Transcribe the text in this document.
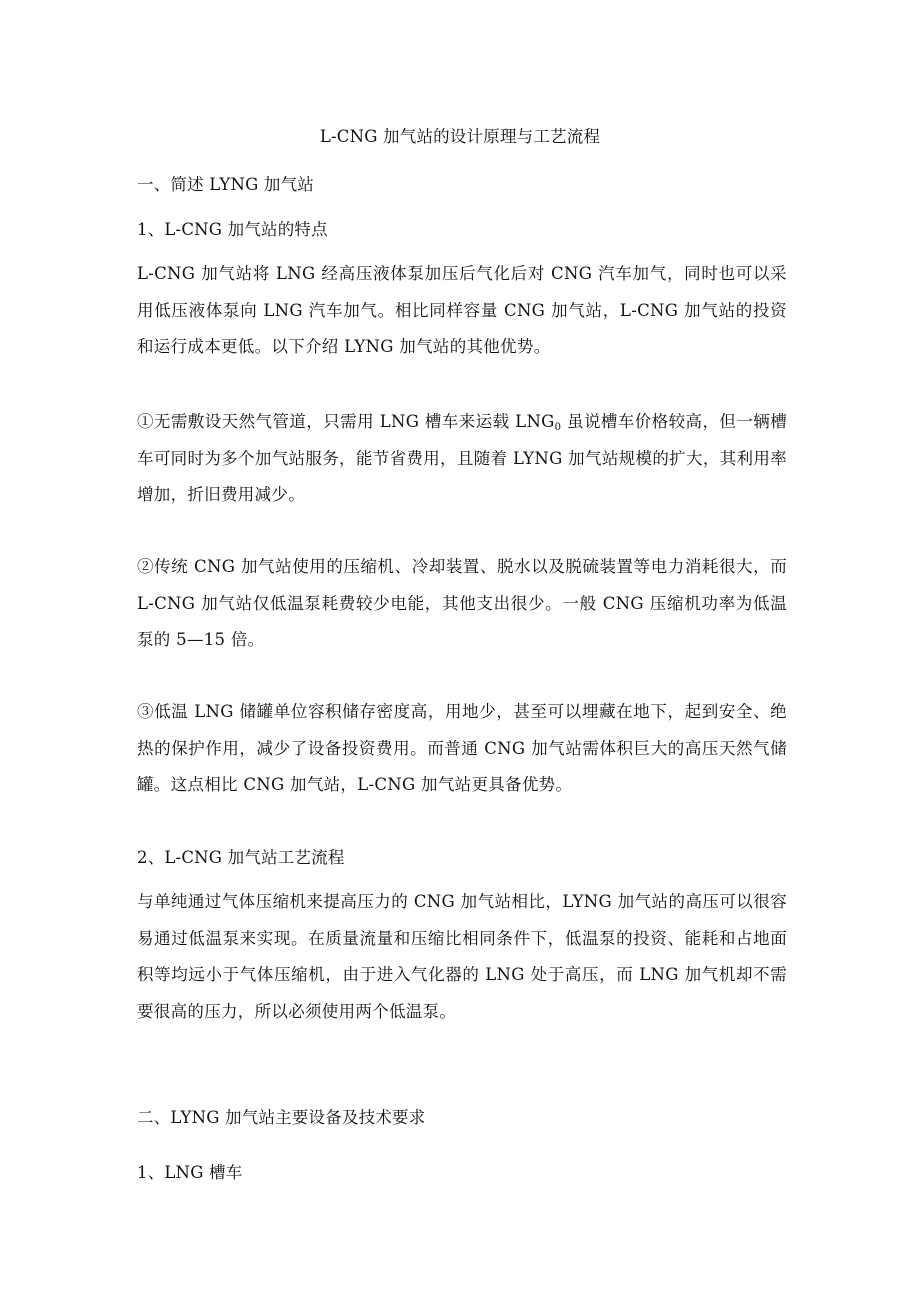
L-CNG 加气站的设计原理与工艺流程
一、简述 LYNG 加气站
1、L-CNG 加气站的特点

L-CNG 加气站将 LNG 经高压液体泵加压后气化后对 CNG 汽车加气，同时也可以采用低压液体泵向 LNG 汽车加气。相比同样容量 CNG 加气站，L-CNG 加气站的投资和运行成本更低。以下介绍 LYNG 加气站的其他优势。

①无需敷设天然气管道，只需用 LNG 槽车来运载 $LNG_0$ 虽说槽车价格较高，但一辆槽车可同时为多个加气站服务，能节省费用，且随着 LYNG 加气站规模的扩大，其利用率增加，折旧费用减少。

②传统 CNG 加气站使用的压缩机、冷却装置、脱水以及脱硫装置等电力消耗很大，而 L-CNG 加气站仅低温泵耗费较少电能，其他支出很少。一般 CNG 压缩机功率为低温泵的 5—15 倍。

③低温 LNG 储罐单位容积储存密度高，用地少，甚至可以埋藏在地下，起到安全、绝热的保护作用，减少了设备投资费用。而普通 CNG 加气站需体积巨大的高压天然气储罐。这点相比 CNG 加气站，L-CNG 加气站更具备优势。

2、L-CNG 加气站工艺流程

与单纯通过气体压缩机来提高压力的 CNG 加气站相比，LYNG 加气站的高压可以很容易通过低温泵来实现。在质量流量和压缩比相同条件下，低温泵的投资、能耗和占地面积等均远小于气体压缩机，由于进入气化器的 LNG 处于高压，而 LNG 加气机却不需要很高的压力，所以必须使用两个低温泵。

二、LYNG 加气站主要设备及技术要求
1、LNG 槽车
